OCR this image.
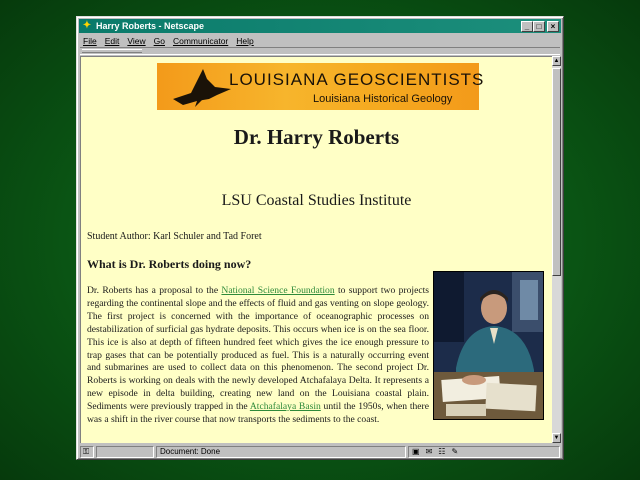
✦ Harry Roberts - Netscape	_ □	×
File Edit View Go Communicator Help
LOUISIANA GEOSCIENTISTS
Louisiana Historical Geology
Dr. Harry Roberts
LSU Coastal Studies Institute
Student Author: Karl Schuler and Tad Foret
What is Dr. Roberts doing now?
Dr. Roberts has a proposal to the National Science Foundation to support two projects regarding the continental slope and the effects of fluid and gas venting on slope geology. The first project is concerned with the importance of oceanographic processes on destabilization of surficial gas hydrate deposits. This occurs when ice is on the sea floor. This ice is also at depth of fifteen hundred feet which gives the ice enough pressure to trap gases that can be potentially produced as fuel. This is a naturally occurring event and submarines are used to collect data on this phenomenon. The second project Dr. Roberts is working on deals with the newly developed Atchafalaya Delta. It represents a new episode in delta building, creating new land on the Louisiana coastal plain. Sediments were previously trapped in the Atchafalaya Basin until the 1950s, when there was a shift in the river course that now transports the sediments to the coast.
▲
▼
⚿	Document: Done	▣ ✉ ☷ ✎
